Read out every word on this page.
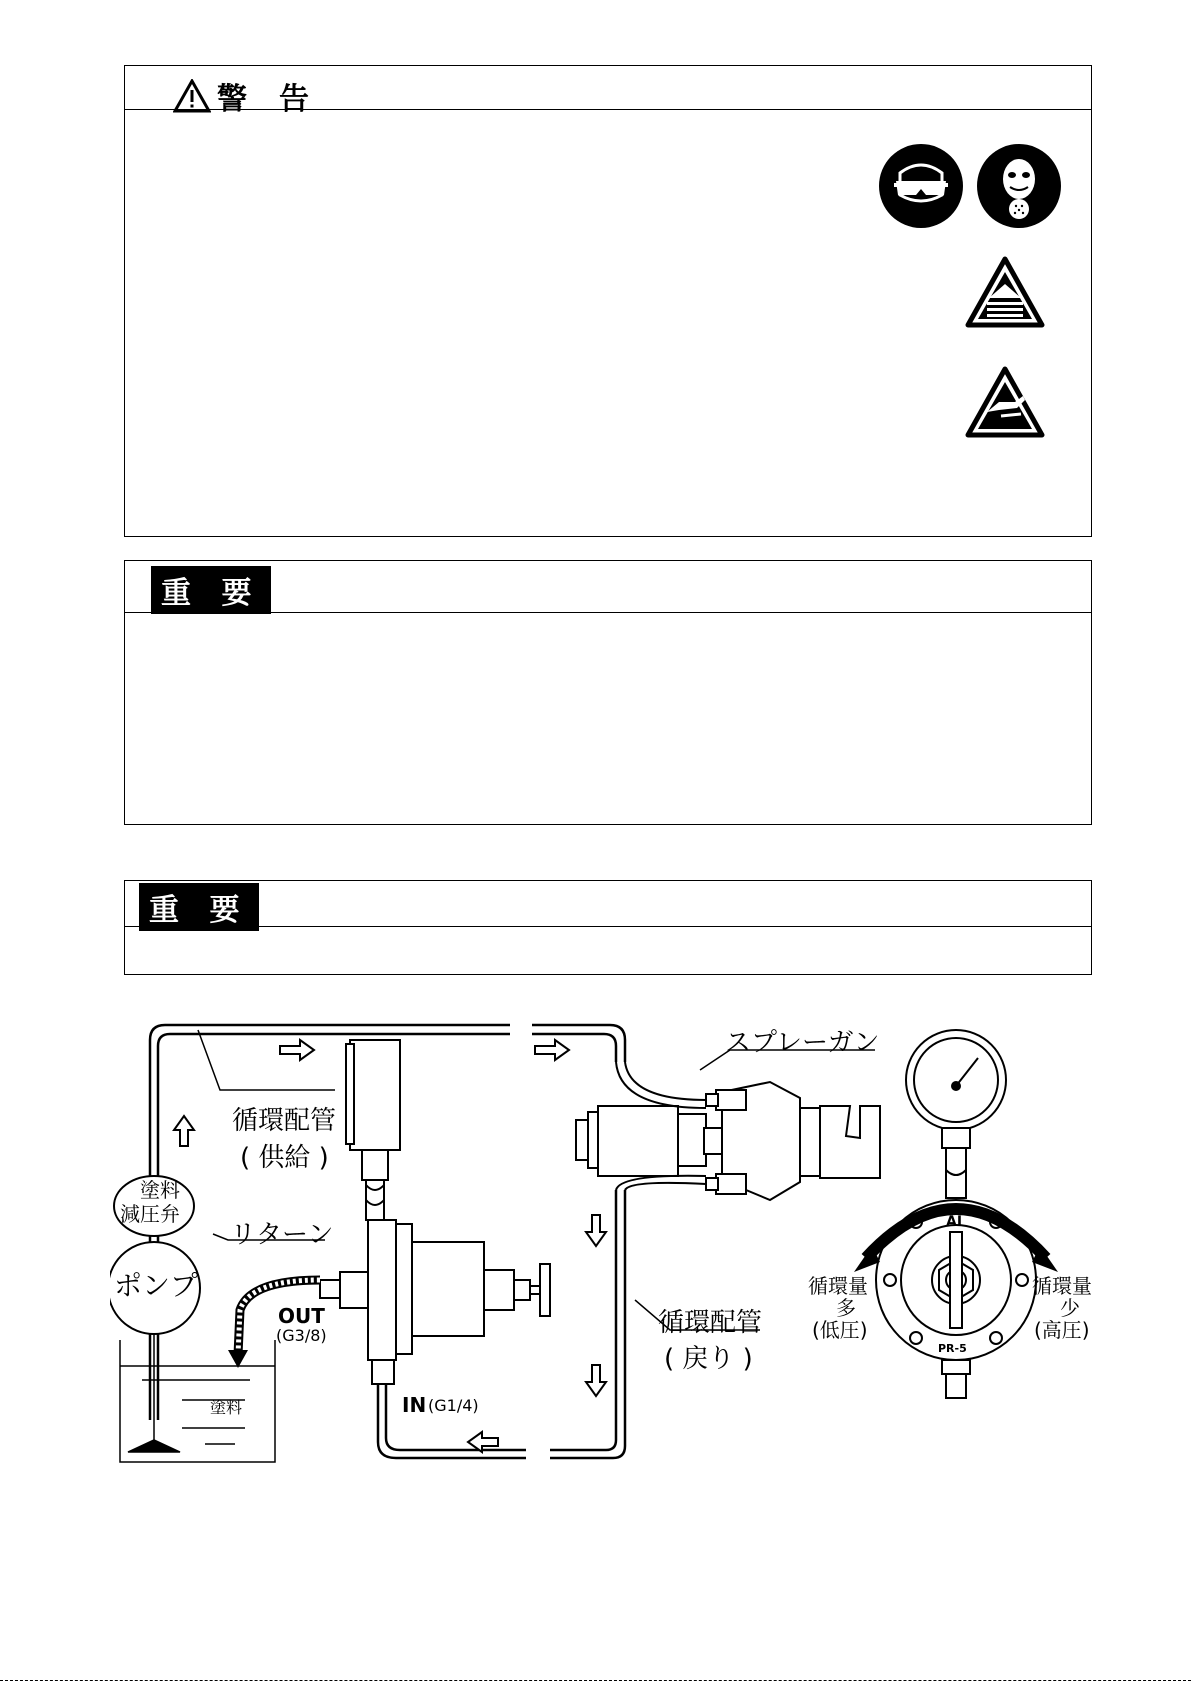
警　告
重 要
重 要
AⅠ
PR-5
スプレーガン
循環配管
( 供給 )
塗料
減圧弁
リターン
ポンプ
OUT
(G3/8)
IN (G1/4)
塗料
循環配管
( 戻り )
循環量
多
(低圧)
循環量
少
(高圧)
